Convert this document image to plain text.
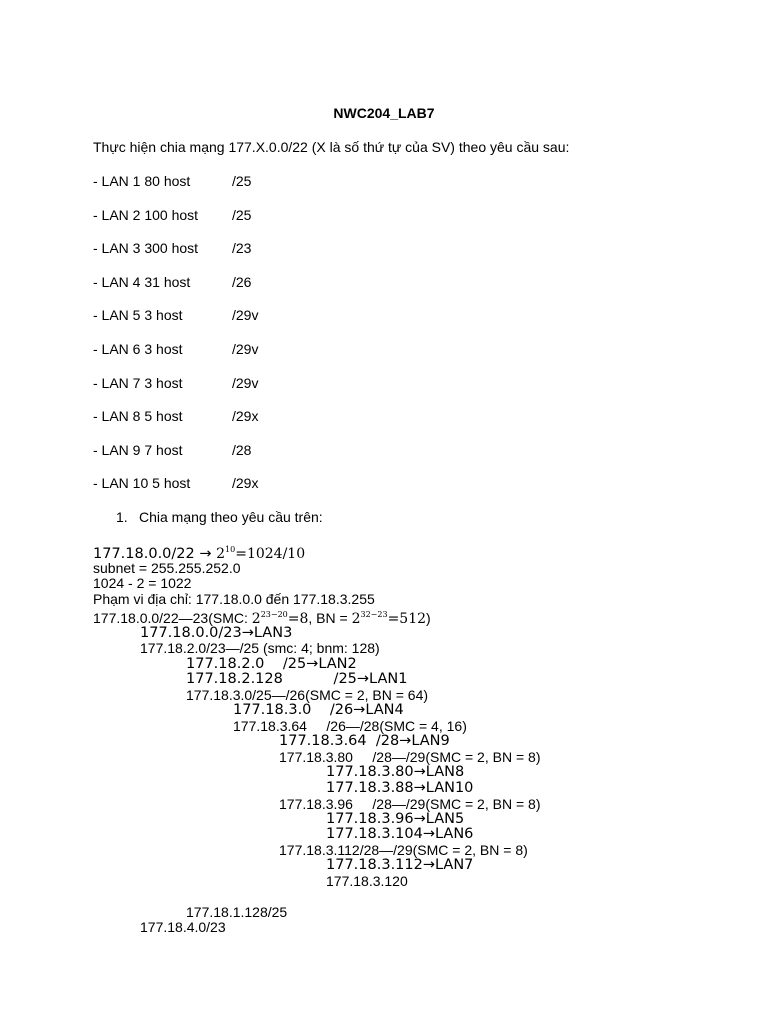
NWC204_LAB7
Thực hiện chia mạng 177.X.0.0/22 (X là số thứ tự của SV) theo yêu cầu sau:
- LAN 1 80 host	/25
- LAN 2 100 host /25
- LAN 3 300 host /23
- LAN 4 31 host	/26
- LAN 5 3 host	/29v
- LAN 6 3 host	/29v
- LAN 7 3 host	/29v
- LAN 8 5 host	/29x
- LAN 9 7 host	/28
- LAN 10 5 host	/29x
1. Chia mạng theo yêu cầu trên:
$177.18.0.0/22 \to 2^{10}=1024/10$
subnet = 255.255.252.0
1024 - 2 = 1022
Phạm vi địa chỉ: 177.18.0.0 đến 177.18.3.255
177.18.0.0/22—23(SMC: $2^{23-20}=8$, BN = $2^{32-23}=512$)
177.18.0.0/23→LAN3
177.18.2.0/23—/25 (smc: 4; bnm: 128)
177.18.2.0    /25→LAN2
177.18.2.128           /25→LAN1
177.18.3.0/25—/26(SMC = 2, BN = 64)
177.18.3.0    /26→LAN4
177.18.3.64     /26—/28(SMC = 4, 16)
177.18.3.64  /28→LAN9
177.18.3.80     /28—/29(SMC = 2, BN = 8)
177.18.3.80→LAN8
177.18.3.88→LAN10
177.18.3.96     /28—/29(SMC = 2, BN = 8)
177.18.3.96→LAN5
177.18.3.104→LAN6
177.18.3.112/28—/29(SMC = 2, BN = 8)
177.18.3.112→LAN7
177.18.3.120
177.18.1.128/25
177.18.4.0/23
